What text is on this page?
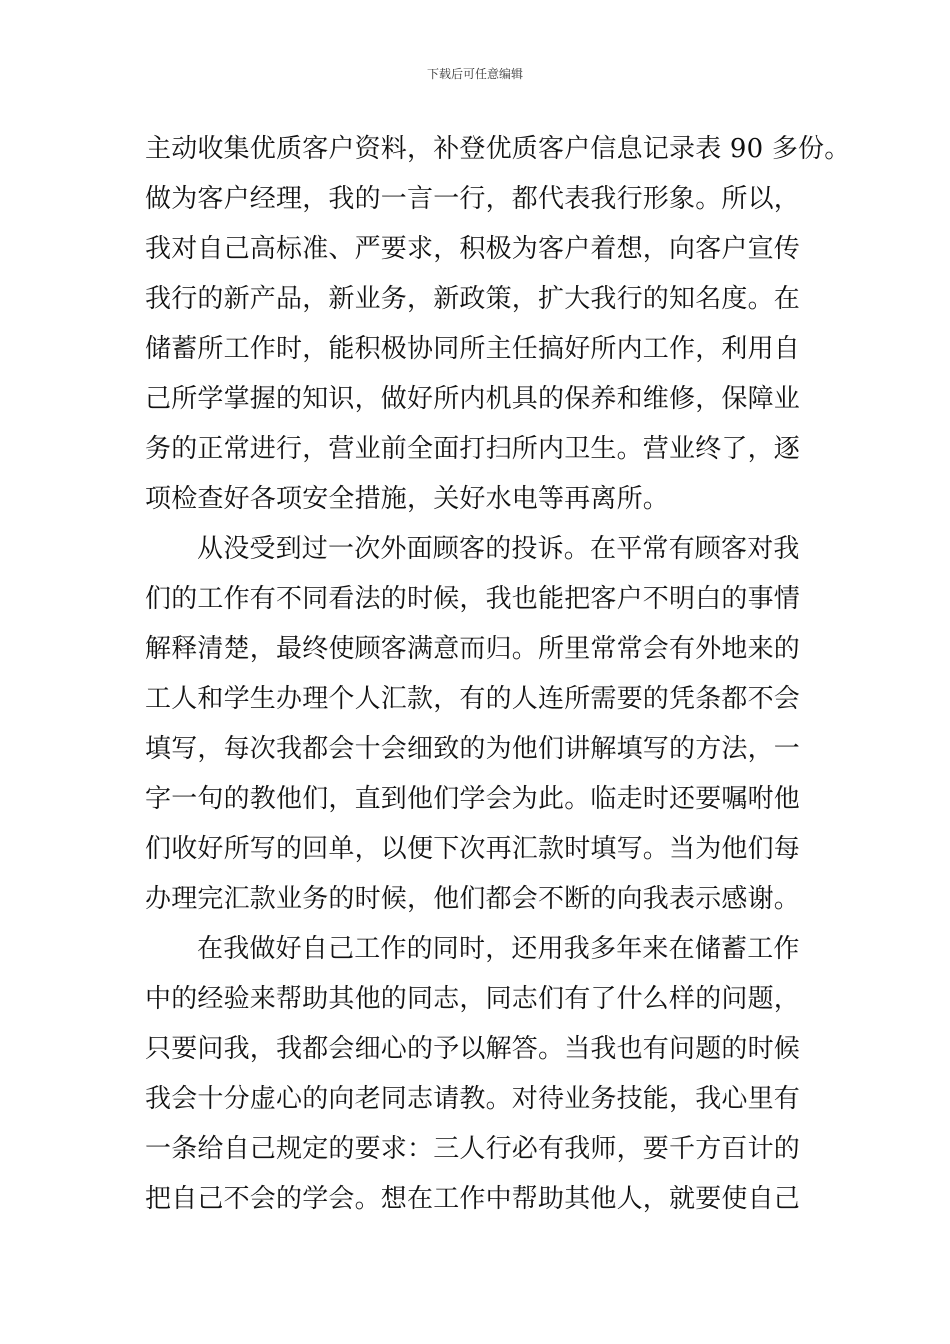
下载后可任意编辑
主动收集优质客户资料，补登优质客户信息记录表 90 多份。
做为客户经理，我的一言一行，都代表我行形象。所以，
我对自己高标准、严要求，积极为客户着想，向客户宣传
我行的新产品，新业务，新政策，扩大我行的知名度。在
储蓄所工作时，能积极协同所主任搞好所内工作，利用自
己所学掌握的知识，做好所内机具的保养和维修，保障业
务的正常进行，营业前全面打扫所内卫生。营业终了，逐
项检查好各项安全措施，关好水电等再离所。
从没受到过一次外面顾客的投诉。在平常有顾客对我
们的工作有不同看法的时候，我也能把客户不明白的事情
解释清楚，最终使顾客满意而归。所里常常会有外地来的
工人和学生办理个人汇款，有的人连所需要的凭条都不会
填写，每次我都会十会细致的为他们讲解填写的方法，一
字一句的教他们，直到他们学会为此。临走时还要嘱咐他
们收好所写的回单，以便下次再汇款时填写。当为他们每
办理完汇款业务的时候，他们都会不断的向我表示感谢。
在我做好自己工作的同时，还用我多年来在储蓄工作
中的经验来帮助其他的同志，同志们有了什么样的问题，
只要问我，我都会细心的予以解答。当我也有问题的时候
我会十分虚心的向老同志请教。对待业务技能，我心里有
一条给自己规定的要求：三人行必有我师，要千方百计的
把自己不会的学会。想在工作中帮助其他人，就要使自己
